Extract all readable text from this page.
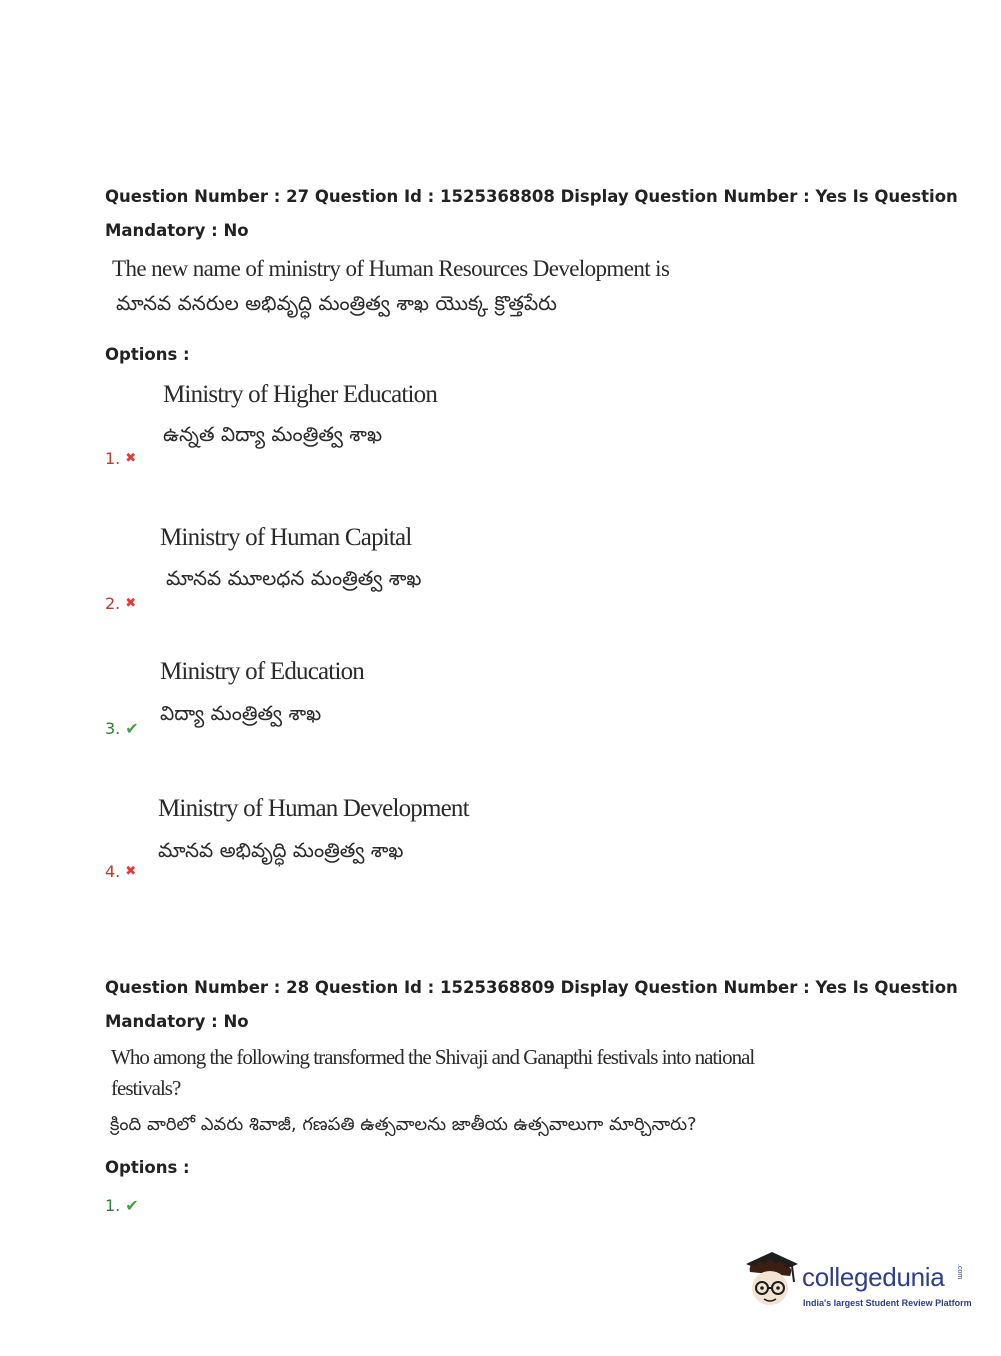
Question Number : 27 Question Id : 1525368808 Display Question Number : Yes Is Question
Mandatory : No
The new name of ministry of Human Resources Development is
మానవ వనరుల అభివృద్ధి మంత్రిత్వ శాఖ యొక్క క్రొత్తపేరు
Options :
Ministry of Higher Education
ఉన్నత విద్యా మంత్రిత్వ శాఖ
1. ✖
Ministry of Human Capital
మానవ మూలధన మంత్రిత్వ శాఖ
2. ✖
Ministry of Education
విద్యా మంత్రిత్వ శాఖ
3. ✔
Ministry of Human Development
మానవ అభివృద్ధి మంత్రిత్వ శాఖ
4. ✖
Question Number : 28 Question Id : 1525368809 Display Question Number : Yes Is Question
Mandatory : No
Who among the following transformed the Shivaji and Ganapthi festivals into national
festivals?
క్రింది వారిలో ఎవరు శివాజీ, గణపతి ఉత్సవాలను జాతీయ ఉత్సవాలుగా మార్చినారు?
Options :
1. ✔
collegedunia .com
India's largest Student Review Platform
